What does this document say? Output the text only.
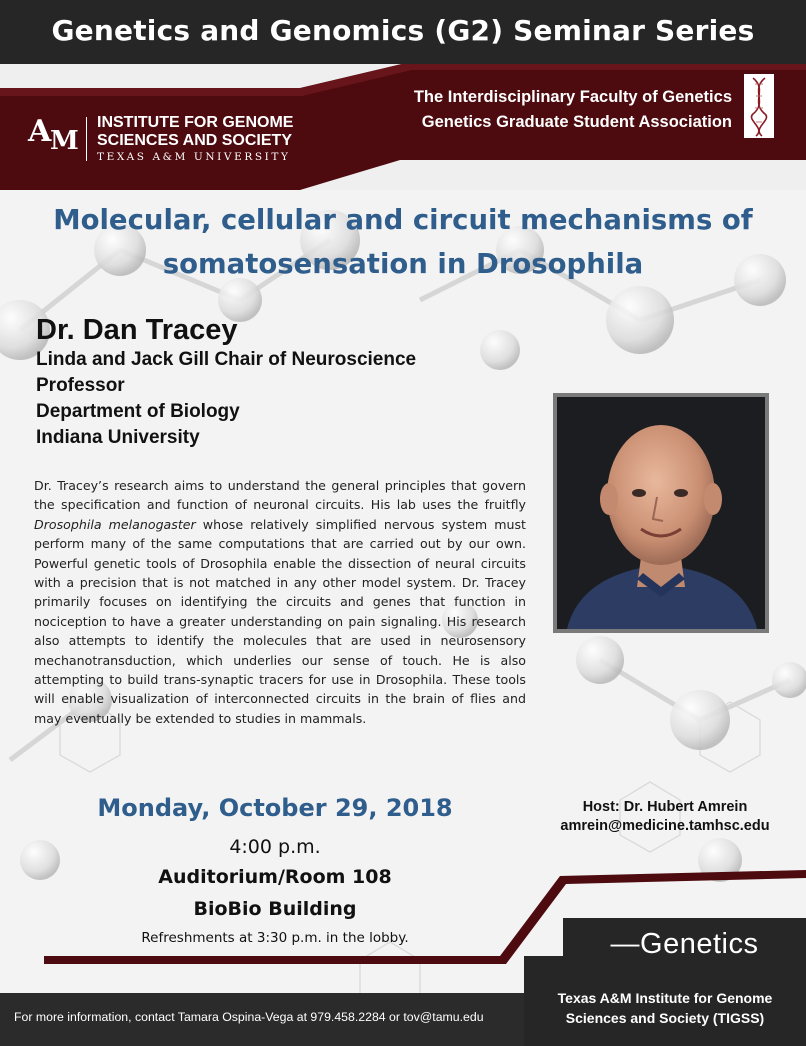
Genetics and Genomics (G2) Seminar Series
A
M
INSTITUTE FOR GENOME
SCIENCES AND SOCIETY
TEXAS A&M UNIVERSITY
The Interdisciplinary Faculty of Genetics
Genetics Graduate Student Association
Molecular, cellular and circuit mechanisms of
somatosensation in Drosophila
Dr. Dan Tracey
Linda and Jack Gill Chair of Neuroscience
Professor
Department of Biology
Indiana University
Dr. Tracey’s research aims to understand the general principles that govern the specification and function of neuronal circuits. His lab uses the fruitfly Drosophila melanogaster whose relatively simplified nervous system must perform many of the same computations that are carried out by our own. Powerful genetic tools of Drosophila enable the dissection of neural circuits with a precision that is not matched in any other model system. Dr. Tracey primarily focuses on identifying the circuits and genes that function in nociception to have a greater understanding on pain signaling. His research also attempts to identify the molecules that are used in neurosensory mechanotransduction, which underlies our sense of touch. He is also attempting to build trans-synaptic tracers for use in Drosophila. These tools will enable visualization of interconnected circuits in the brain of flies and may eventually be extended to studies in mammals.
Monday, October 29, 2018
4:00 p.m.
Auditorium/Room 108
BioBio Building
Refreshments at 3:30 p.m. in the lobby.
Host: Dr. Hubert Amrein
amrein@medicine.tamhsc.edu
Texas A&M Institute for Genome
Sciences and Society (TIGSS)
—Genetics
For more information, contact Tamara Ospina-Vega at 979.458.2284 or tov@tamu.edu
